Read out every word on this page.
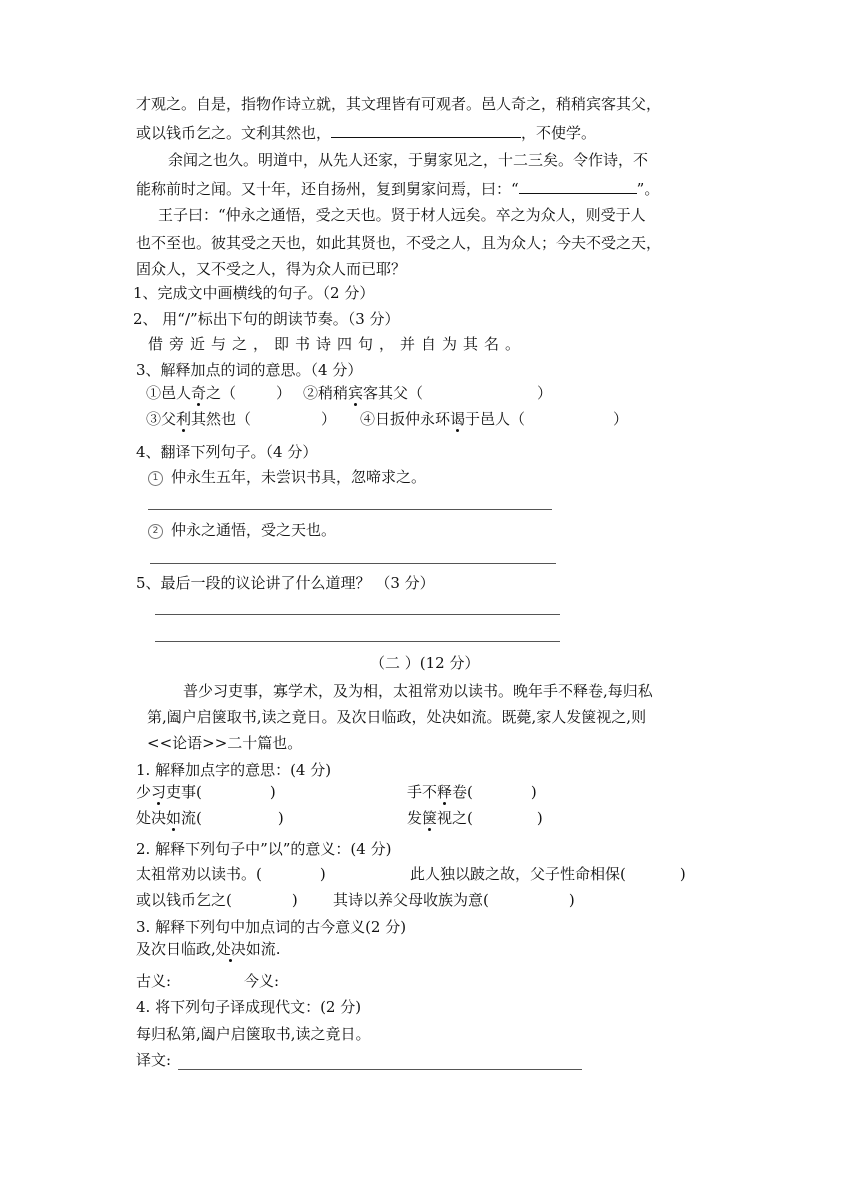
才观之。自是，指物作诗立就，其文理皆有可观者。邑人奇之，稍稍宾客其父，
或以钱币乞之。文利其然也，	，不使学。
余闻之也久。明道中，从先人还家，于舅家见之，十二三矣。令作诗，不
能称前时之闻。又十年，还自扬州，复到舅家问焉，曰：“	”。
王子曰：“仲永之通悟，受之天也。贤于材人远矣。卒之为众人，则受于人
也不至也。彼其受之天也，如此其贤也，不受之人，且为众人；今夫不受之天，
固众人，又不受之人，得为众人而已耶？
1、完成文中画横线的句子。（2 分）
2、 用“/”标出下句的朗读节奏。（3 分）
借旁近与之，即书诗四句，并自为其名。
3、解释加点的词的意思。（4 分）
①邑人奇之（	） ②稍稍宾客其父（	）
③父利其然也（	） ④日扳仲永环谒于邑人（	）
4、翻译下列句子。（4 分）
1 仲永生五年，未尝识书具，忽啼求之。
2 仲永之通悟，受之天也。
5、最后一段的议论讲了什么道理？ （3 分）
（二 ）(12 分）
普少习吏事，寡学术，及为相，太祖常劝以读书。晚年手不释卷,每归私
第,阖户启箧取书,读之竟日。及次日临政，处决如流。既薨,家人发箧视之,则
<<论语>>二十篇也。
1. 解释加点字的意思：(4 分)
少习吏事(	)	手不释卷(	)
处决如流(	)	发箧视之(	)
2. 解释下列句子中”以”的意义：(4 分)
太祖常劝以读书。(	)	此人独以跛之故，父子性命相保(	)
或以钱币乞之(	) 其诗以养父母收族为意(	)
3. 解释下列句中加点词的古今意义(2 分)
及次日临政,处决如流.
古义:	今义:
4. 将下列句子译成现代文：(2 分)
每归私第,阖户启箧取书,读之竟日。
译文:
